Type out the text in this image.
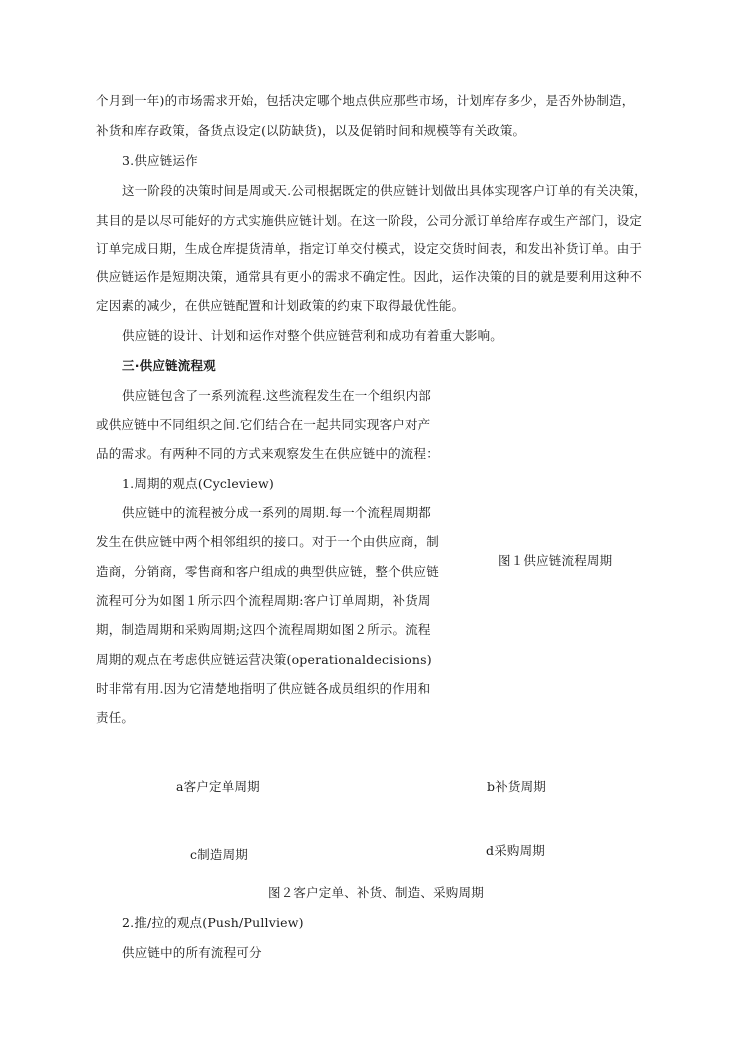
个月到一年)的市场需求开始，包括决定哪个地点供应那些市场，计划库存多少，是否外协制造，
补货和库存政策，备货点设定(以防缺货)，以及促销时间和规模等有关政策。
3.供应链运作
这一阶段的决策时间是周或天.公司根据既定的供应链计划做出具体实现客户订单的有关决策，
其目的是以尽可能好的方式实施供应链计划。在这一阶段，公司分派订单给库存或生产部门，设定
订单完成日期，生成仓库提货清单，指定订单交付模式，设定交货时间表，和发出补货订单。由于
供应链运作是短期决策，通常具有更小的需求不确定性。因此，运作决策的目的就是要利用这种不
定因素的减少，在供应链配置和计划政策的约束下取得最优性能。
供应链的设计、计划和运作对整个供应链营利和成功有着重大影响。
三·供应链流程观
供应链包含了一系列流程.这些流程发生在一个组织内部
或供应链中不同组织之间.它们结合在一起共同实现客户对产
品的需求。有两种不同的方式来观察发生在供应链中的流程：
1.周期的观点(Cycleview)
供应链中的流程被分成一系列的周期.每一个流程周期都
发生在供应链中两个相邻组织的接口。对于一个由供应商，制
造商，分销商，零售商和客户组成的典型供应链，整个供应链
流程可分为如图１所示四个流程周期:客户订单周期，补货周
期，制造周期和采购周期;这四个流程周期如图２所示。流程
周期的观点在考虑供应链运营决策(operationaldecisions)
时非常有用.因为它清楚地指明了供应链各成员组织的作用和
责任。
图１供应链流程周期
a客户定单周期	b补货周期
c制造周期	d采购周期
图２客户定单、补货、制造、采购周期
2.推/拉的观点(Push/Pullview)
供应链中的所有流程可分
